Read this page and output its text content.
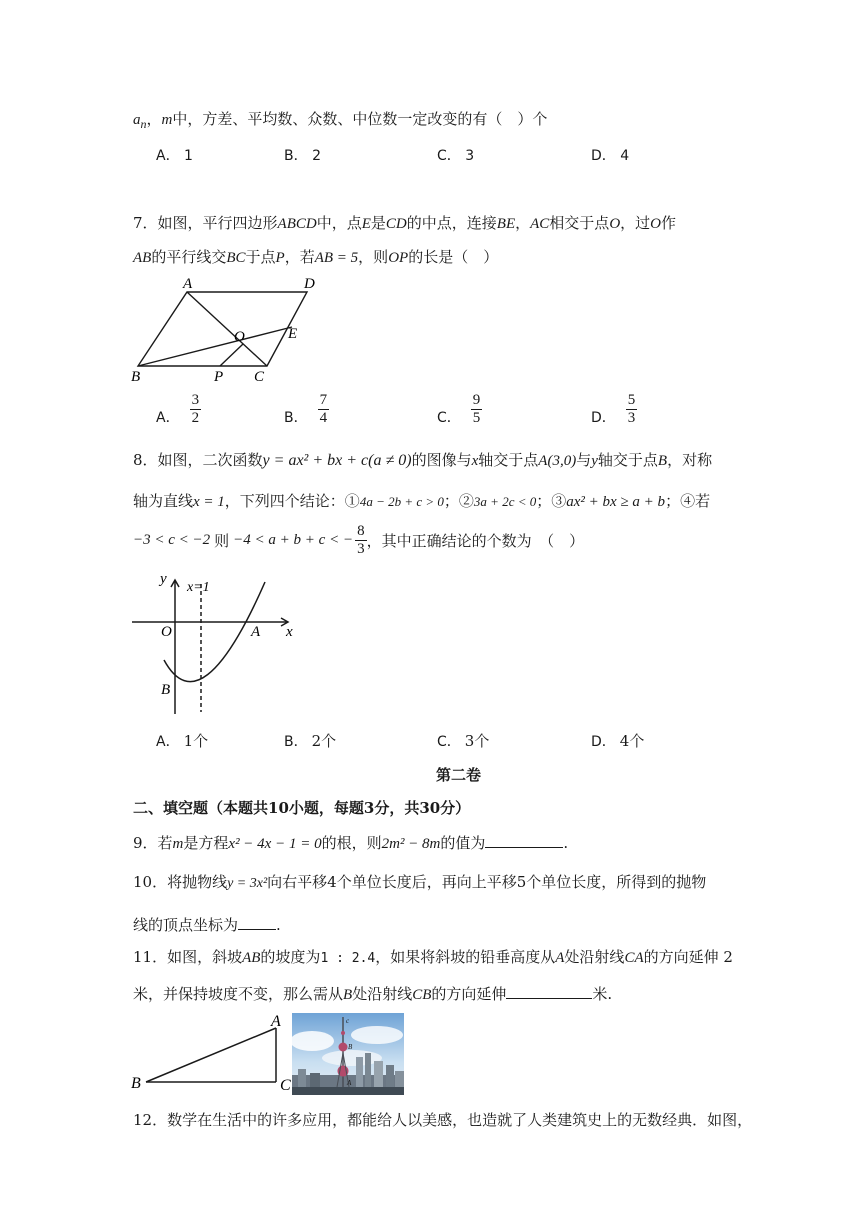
$a_n$，m中，方差、平均数、众数、中位数一定改变的有（　）个
A． 1	B． 2	C． 3	D． 4
7．如图，平行四边形ABCD中，点E是CD的中点，连接BE，AC相交于点O，过O作
AB的平行线交BC于点P，若AB = 5，则OP的长是（　）
A	D
O	E
B	P C
A． $\frac{3}{2}$	B． $\frac{7}{4}$	C． $\frac{9}{5}$	D． $\frac{5}{3}$
8．如图，二次函数y = ax² + bx + c(a ≠ 0)的图像与x轴交于点A(3,0)与y轴交于点B，对称
轴为直线x = 1，下列四个结论：①4a − 2b + c > 0；②3a + 2c < 0；③ax² + bx ≥ a + b；④若
−3 < c < −2 则 −4 < a + b + c < − $\frac{8}{3}$ ，其中正确结论的个数为　（　）
y
x=1
O	A x
B
A． 1个	B． 2个	C． 3个	D． 4个
第二卷
二、填空题（本题共10小题，每题3分，共30分）
9．若m是方程x² − 4x − 1 = 0的根，则2m² − 8m的值为	.
10．将抛物线y = 3x²向右平移4个单位长度后，再向上平移5个单位长度，所得到的抛物
线的顶点坐标为	.
11．如图，斜坡AB的坡度为1 : 2.4，如果将斜坡的铅垂高度从A处沿射线CA的方向延伸 2
米，并保持坡度不变，那么需从B处沿射线CB的方向延伸	米.
A
B	C
c
B
A
12．数学在生活中的许多应用，都能给人以美感，也造就了人类建筑史上的无数经典．如图，
